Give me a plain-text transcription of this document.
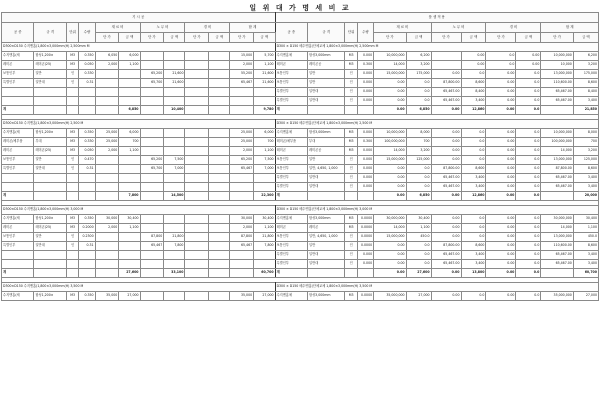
일 위 대 가 명 세 비 교
기 시 공												품 셈 적 용											
공 종	규 격	단위	수량	재 료 비		노 무 비		경 비		합 계		공 종	규 격	단위	수량	재 료 비		노 무 비		경 비		합 계	
				단 가	금 액	단 가	금 액	단 가	금 액	단 가	금 액					단 가	금 액	단 가	금 액	단 가	금 액	단 가	금 액
D300×D150 수지맨홀(1,800×3,000mm(H) 2,500mm M												D300 × D150 배수맨홀(단체교체 1,800×3,000mm(H) 2,500mm M											
수지맨홀(체	합성1,200×	M3	0.350	6,050	6,000					15,000	5,700	수지맨홀체	합성3,000mm	M3	0.000	10,000,000	6,200		0.00	0.0	0.00	10,000,000	6,200
레미콘	레미콘(25)	M3	0.050	2,000	1,100					2,000	1,100	레미콘	레미콘공	M3	0.300	14,000	3,200		0.00	0.0	0.00	10,000	3,200
보통인부	일반	인	0.330			65,200	21,600			55,200	21,600	보통인부	일반	인	0.000	15,000,000	175,000	0.00	0.0	0.00	0.0	13,000,000	175,000
특별인부	일반대	인	0.31			65,700	21,600			65,467	21,600	보통인부	일반	인	0.000	0.00	0.0	87,800.00	8,600	0.00	0.0	110,600.00	8,600
												특별인부	일반대	인	0.000	0.00	0.0	65,467.00	8,400	0.00	0.0	65,467.00	8,400
												특별인부	일반대	인	0.000	0.00	0.0	65,467.00	3,400	0.00	0.0	65,467.00	3,400
계					6,850		10,400				9,780	계				0.00	6,850	0.00	12,860	0.00	0.0		21,850

D300×D150 수지맨홀(1,800×3,000mm(H) 2,500 M												D300 × D150 배수맨홀(단체교체 1,800×3,000mm(H) 2,500 M											
수지맨홀(체	합성1,200×	M3	0.350	25,000	6,000					25,000	6,000	수지맨홀체	합성3,000mm	M3	0.000	10,000,000	8,000	0.00	0.0	0.00	0.0	10,000,000	8,000
레미콘/체부품	부대	M3	0.330	25,000	700					25,000	700	레미콘/체부품	부대	M3	0.300	100,000,000	700	0.00	0.0	0.00	0.0	100,000,000	700
레미콘	레미콘(25)	M3	0.050	2,000	1,100					2,000	1,100	레미콘	레미콘공	M3	0.000	14,000	3,200	0.00	0.0	0.00	0.0	14,000	3,200
보통인부	일반	인	0.470			65,200	7,500			65,200	7,500	보통인부	일반	인	0.000	15,000,000	125,000	0.00	0.0	0.00	0.0	13,000,000	125,000
특별인부	일반대	인	0.31			65,700	7,000			65,467	7,000	보통인부	일반, 4,650, 1,000	인	0.000	0.00	0.0	87,800.00	8,600	0.00	0.0	87,800.00	8,600
												특별인부	일반대	인	0.000	0.00	0.0	65,467.00	3,400	0.00	0.0	65,467.00	3,400
												특별인부	일반대	인	0.000	0.00	0.0	65,467.00	3,400	0.00	0.0	65,467.00	3,400
계					7,800		14,500				22,300	계				0.00	6,850	0.00	12,860	0.00	0.0		20,000

D300×D150 수지맨홀(1,800×3,000mm(H) 3,000 M												D300 × D150 배수맨홀(단체교체 1,800×3,000mm(H) 3,000 M											
수지맨홀(체	합성1,200×	M3	0.350	30,000	30,400					30,000	30,400	수지맨홀체	합성3,000mm	M3	0.0000	30,000,000	30,400	0.00	0.0	0.00	0.0	30,000,000	30,400
레미콘	레미콘(25)	M3	0.2000	2,000	1,100					2,000	1,100	레미콘	레미콘	M3	0.0000	14,000	1,100	0.00	0.0	0.00	0.0	14,000	1,100
보통인부	일반	인	0.2300			87,800	21,800			87,800	21,800	보통인부	일반, 4,650, 1,000	인	0.0000	15,000,000	450.0	0.00	0.0	0.00	0.0	13,000,000	450.0
특별인부	일반대	인	0.31			65,467	7,800			65,467	7,800	보통인부	일반	인	0.0000	0.00	0.0	87,800.00	8,600	0.00	0.0	110,600.00	8,600
												특별인부	일반대	인	0.000	0.00	0.0	65,467.00	3,400	0.00	0.0	65,467.00	3,400
												특별인부	일반대	인	0.000	0.00	0.0	65,467.00	3,400	0.00	0.0	65,467.00	3,400
계					27,600		33,100				60,700	계				0.00	27,600	0.00	13,800	0.00	0.0		60,700

D300×D150 수지맨홀(1,800×3,000mm(H) 3,500 M												D300 × D150 배수맨홀(단체교체 1,800×3,000mm(H) 3,500 M											
수지맨홀(체	합성1,200×	M3	0.350	35,000	27,000					35,000	27,000	수지맨홀체	합성3,000mm	M3	0.0000	35,000,000	27,000	0.00	0.0	0.00	0.0	35,000,000	27,000
